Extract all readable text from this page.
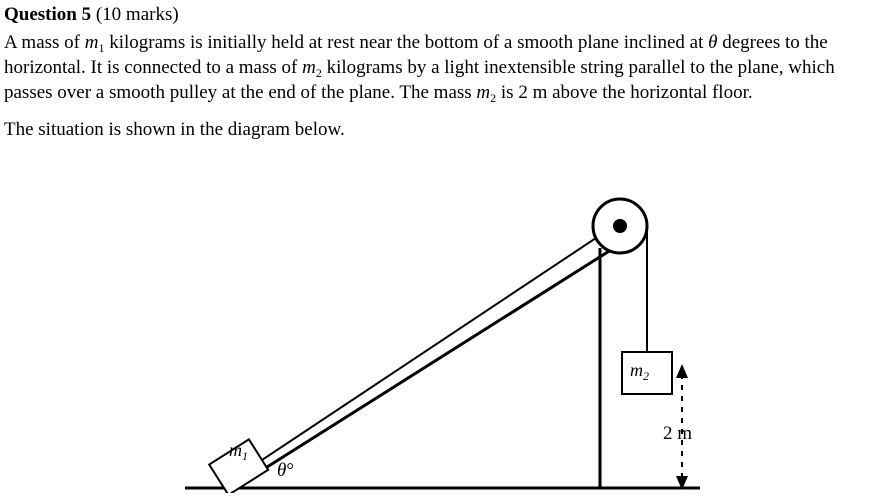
Question 5 (10 marks)

A mass of $m_1$ kilograms is initially held at rest near the bottom of a smooth plane inclined at θ degrees to the horizontal. It is connected to a mass of $m_2$ kilograms by a light inextensible string parallel to the plane, which passes over a smooth pulley at the end of the plane. The mass $m_2$ is 2 m above the horizontal floor.

The situation is shown in the diagram below.

$m_1$
$m_2$
θ°
2 m
